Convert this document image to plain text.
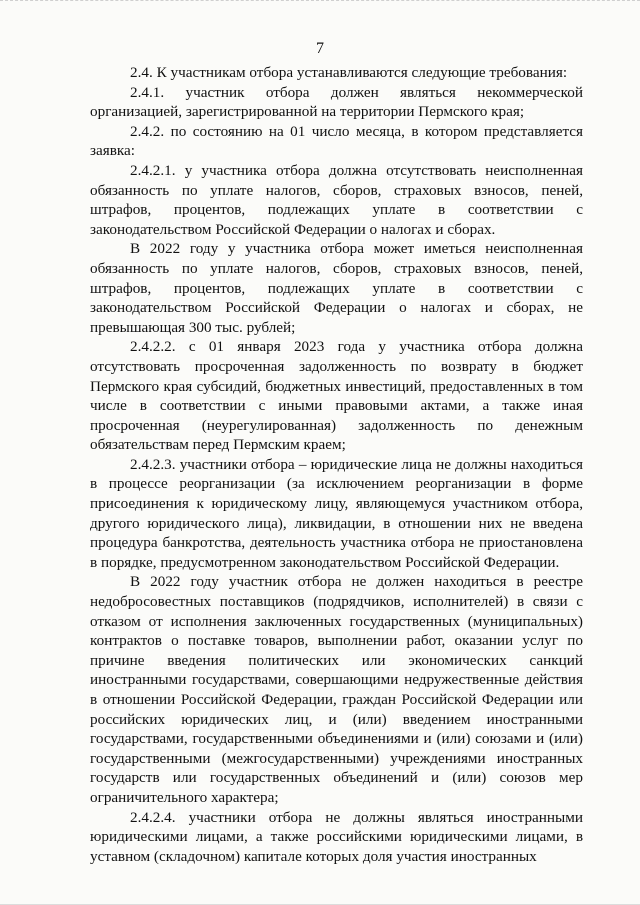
7

2.4. К участникам отбора устанавливаются следующие требования:

2.4.1. участник отбора должен являться некоммерческой организацией, зарегистрированной на территории Пермского края;

2.4.2. по состоянию на 01 число месяца, в котором представляется заявка:

2.4.2.1. у участника отбора должна отсутствовать неисполненная обязанность по уплате налогов, сборов, страховых взносов, пеней, штрафов, процентов, подлежащих уплате в соответствии с законодательством Российской Федерации о налогах и сборах.

В 2022 году у участника отбора может иметься неисполненная обязанность по уплате налогов, сборов, страховых взносов, пеней, штрафов, процентов, подлежащих уплате в соответствии с законодательством Российской Федерации о налогах и сборах, не превышающая 300 тыс. рублей;

2.4.2.2. с 01 января 2023 года у участника отбора должна отсутствовать просроченная задолженность по возврату в бюджет Пермского края субсидий, бюджетных инвестиций, предоставленных в том числе в соответствии с иными правовыми актами, а также иная просроченная (неурегулированная) задолженность по денежным обязательствам перед Пермским краем;

2.4.2.3. участники отбора – юридические лица не должны находиться в процессе реорганизации (за исключением реорганизации в форме присоединения к юридическому лицу, являющемуся участником отбора, другого юридического лица), ликвидации, в отношении них не введена процедура банкротства, деятельность участника отбора не приостановлена в порядке, предусмотренном законодательством Российской Федерации.

В 2022 году участник отбора не должен находиться в реестре недобросовестных поставщиков (подрядчиков, исполнителей) в связи с отказом от исполнения заключенных государственных (муниципальных) контрактов о поставке товаров, выполнении работ, оказании услуг по причине введения политических или экономических санкций иностранными государствами, совершающими недружественные действия в отношении Российской Федерации, граждан Российской Федерации или российских юридических лиц, и (или) введением иностранными государствами, государственными объединениями и (или) союзами и (или) государственными (межгосударственными) учреждениями иностранных государств или государственных объединений и (или) союзов мер ограничительного характера;

2.4.2.4. участники отбора не должны являться иностранными юридическими лицами, а также российскими юридическими лицами, в уставном (складочном) капитале которых доля участия иностранных
